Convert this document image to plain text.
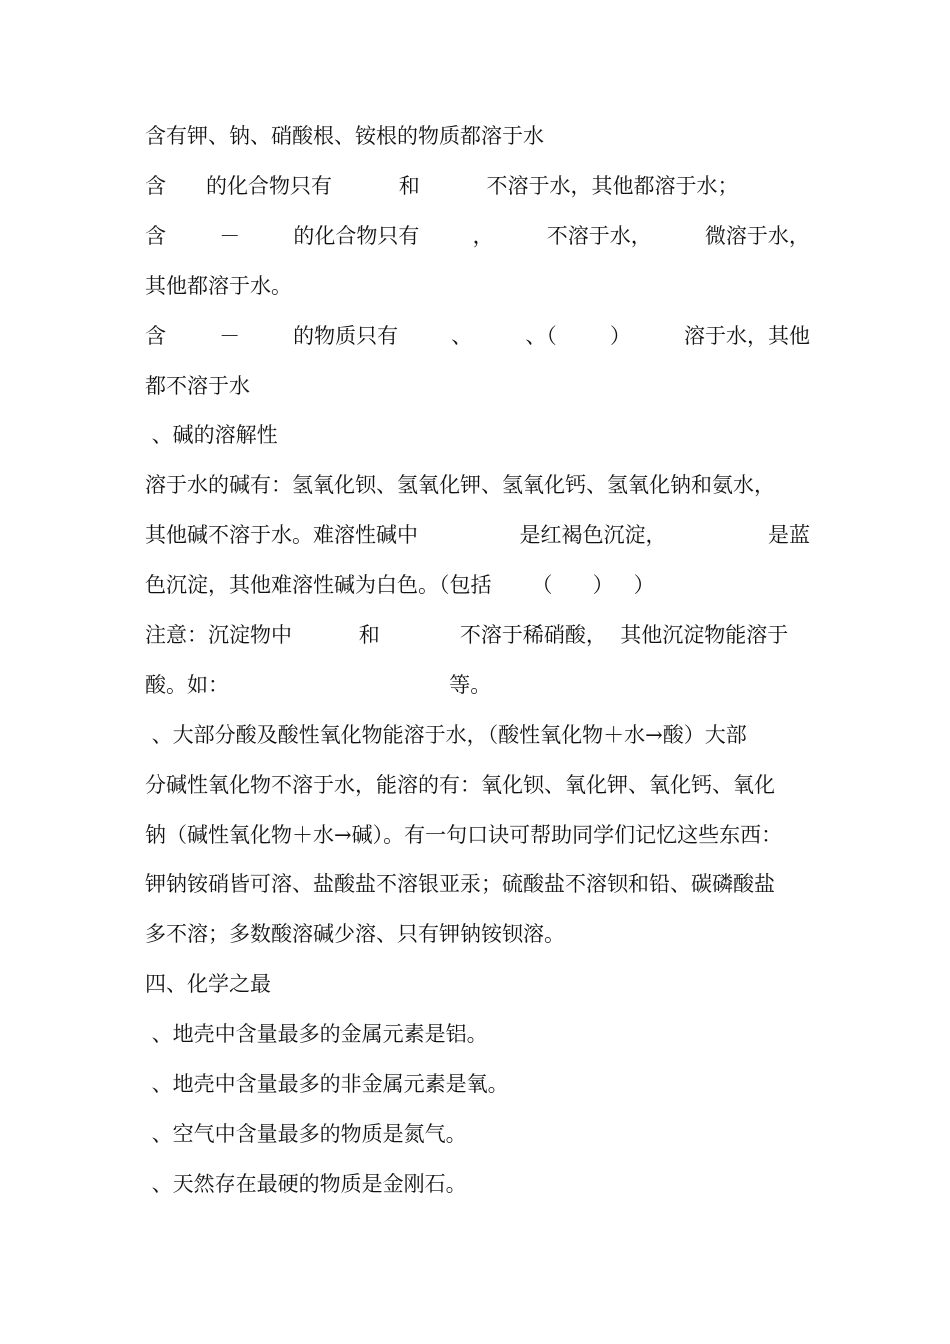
含有钾、钠、硝酸根、铵根的物质都溶于水
含      的化合物只有          和          不溶于水，其他都溶于水；
含	－	的化合物只有	，	不溶于水，	微溶于水，
其他都溶于水。
含	－	的物质只有	、	、（	）	溶于水，其他
都不溶于水
、碱的溶解性
溶于水的碱有：氢氧化钡、氢氧化钾、氢氧化钙、氢氧化钠和氨水，
其他碱不溶于水。难溶性碱中	是红褐色沉淀，	是蓝
色沉淀，其他难溶性碱为白色。（包括      （      ）   ）
注意：沉淀物中          和            不溶于稀硝酸，  其他沉淀物能溶于
酸。如：                                 等。
、大部分酸及酸性氧化物能溶于水，（酸性氧化物＋水→酸）大部
分碱性氧化物不溶于水，能溶的有：氧化钡、氧化钾、氧化钙、氧化
钠（碱性氧化物＋水→碱）。有一句口诀可帮助同学们记忆这些东西：
钾钠铵硝皆可溶、盐酸盐不溶银亚汞；硫酸盐不溶钡和铅、碳磷酸盐
多不溶；多数酸溶碱少溶、只有钾钠铵钡溶。
四、化学之最
、地壳中含量最多的金属元素是铝。
、地壳中含量最多的非金属元素是氧。
、空气中含量最多的物质是氮气。
、天然存在最硬的物质是金刚石。
